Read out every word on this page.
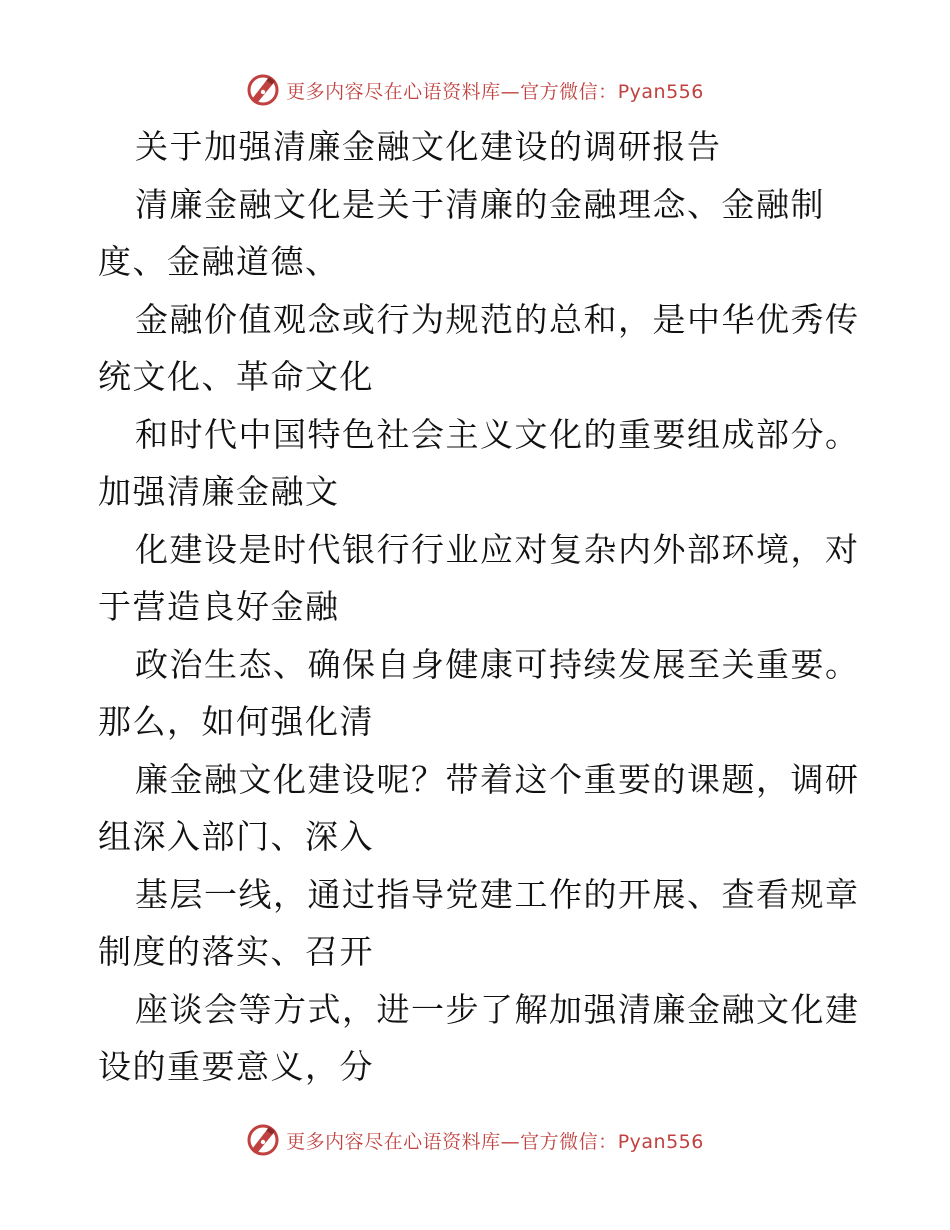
更多内容尽在心语资料库—官方微信：Pyan556
关于加强清廉金融文化建设的调研报告
清廉金融文化是关于清廉的金融理念、金融制
度、金融道德、
金融价值观念或行为规范的总和，是中华优秀传
统文化、革命文化
和时代中国特色社会主义文化的重要组成部分。
加强清廉金融文
化建设是时代银行行业应对复杂内外部环境，对
于营造良好金融
政治生态、确保自身健康可持续发展至关重要。
那么，如何强化清
廉金融文化建设呢？带着这个重要的课题，调研
组深入部门、深入
基层一线，通过指导党建工作的开展、查看规章
制度的落实、召开
座谈会等方式，进一步了解加强清廉金融文化建
设的重要意义，分
更多内容尽在心语资料库—官方微信：Pyan556
